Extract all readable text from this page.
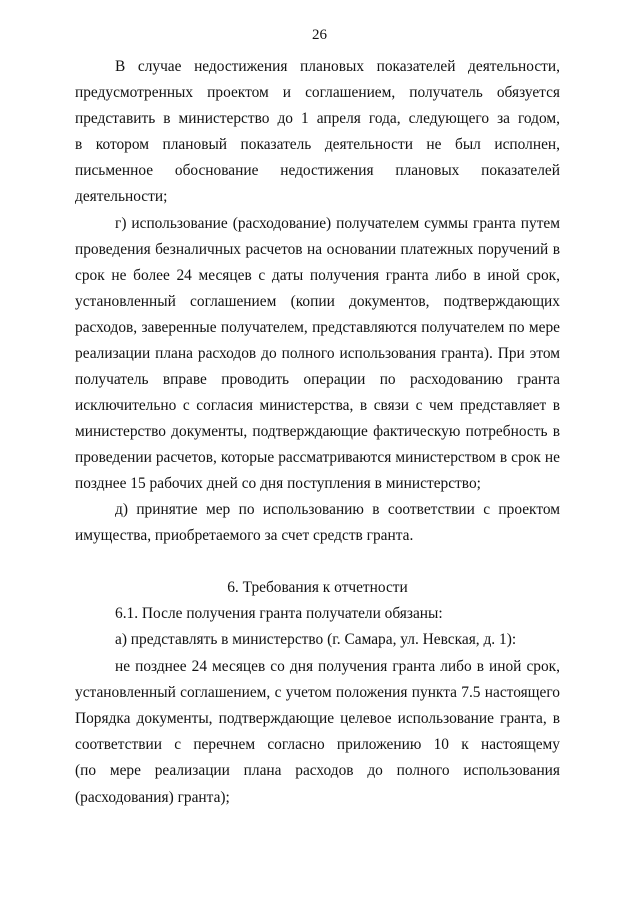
26
В случае недостижения плановых показателей деятельности,
предусмотренных проектом и соглашением, получатель обязуется
представить в министерство до 1 апреля года, следующего за годом,
в котором плановый показатель деятельности не был исполнен,
письменное обоснование недостижения плановых показателей
деятельности;
г) использование (расходование) получателем суммы гранта путем
проведения безналичных расчетов на основании платежных поручений в
срок не более 24 месяцев с даты получения гранта либо в иной срок,
установленный соглашением (копии документов, подтверждающих
расходов, заверенные получателем, представляются получателем по мере
реализации плана расходов до полного использования гранта). При этом
получатель вправе проводить операции по расходованию гранта
исключительно с согласия министерства, в связи с чем представляет в
министерство документы, подтверждающие фактическую потребность в
проведении расчетов, которые рассматриваются министерством в срок не
позднее 15 рабочих дней со дня поступления в министерство;
д) принятие мер по использованию в соответствии с проектом
имущества, приобретаемого за счет средств гранта.
6. Требования к отчетности
6.1. После получения гранта получатели обязаны:
а) представлять в министерство (г. Самара, ул. Невская, д. 1):
не позднее 24 месяцев со дня получения гранта либо в иной срок,
установленный соглашением, с учетом положения пункта 7.5 настоящего
Порядка документы, подтверждающие целевое использование гранта, в
соответствии с перечнем согласно приложению 10 к настоящему
(по мере реализации плана расходов до полного использования
(расходования) гранта);
